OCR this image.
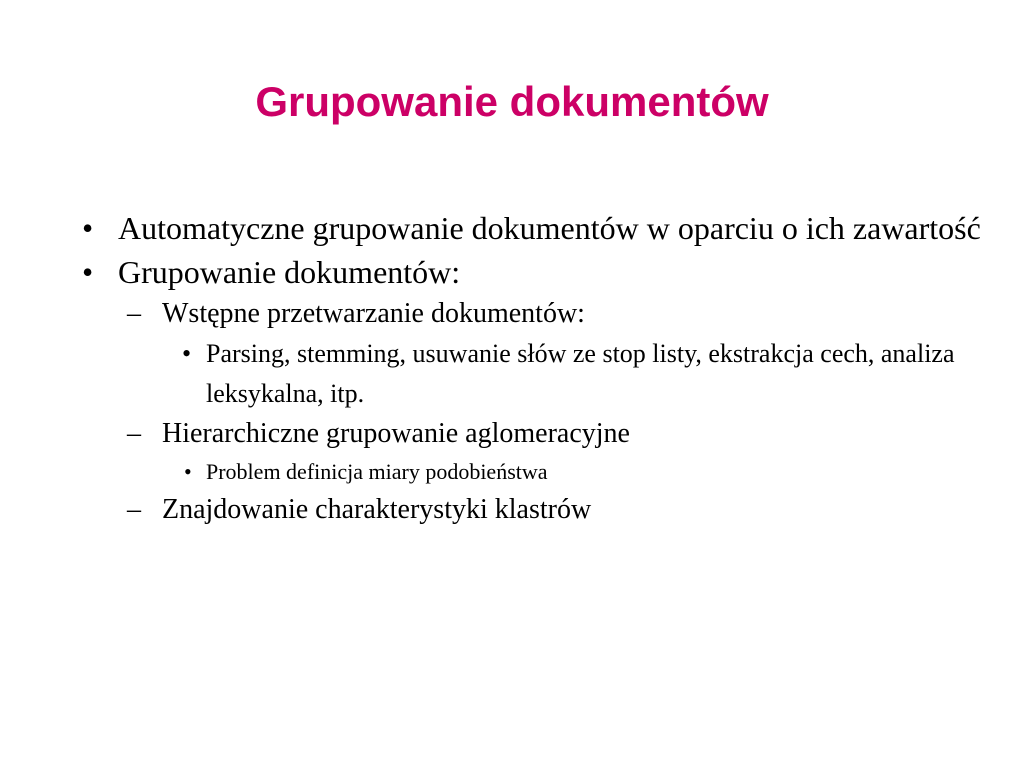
Grupowanie dokumentów
• Automatyczne grupowanie dokumentów w oparciu o ich zawartość
• Grupowanie dokumentów:
– Wstępne przetwarzanie dokumentów:
• Parsing, stemming, usuwanie słów ze stop listy, ekstrakcja cech, analiza leksykalna, itp.
– Hierarchiczne grupowanie aglomeracyjne
• Problem definicja miary podobieństwa
– Znajdowanie charakterystyki klastrów
